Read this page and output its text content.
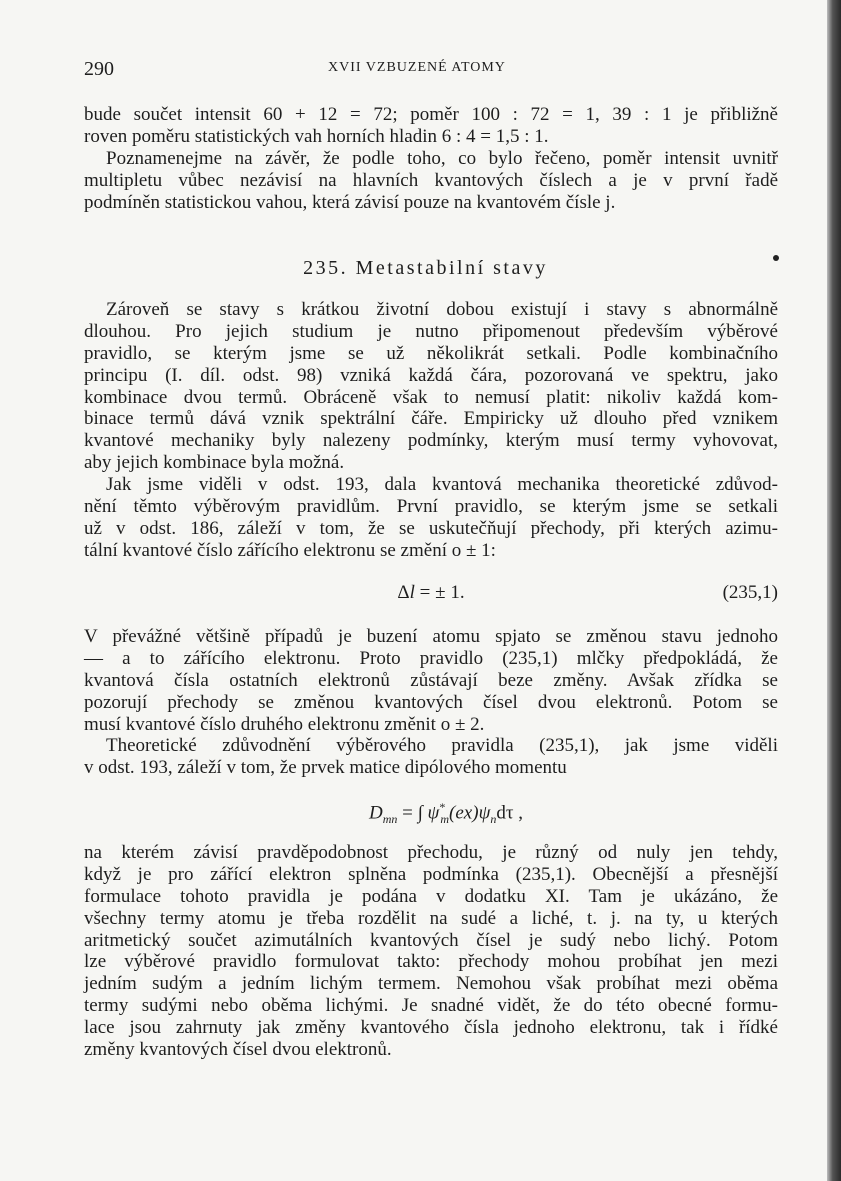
290	XVII VZBUZENÉ ATOMY
bude součet intensit 60 + 12 = 72; poměr 100 : 72 = 1, 39 : 1 je přibližně
roven poměru statistických vah horních hladin 6 : 4 = 1,5 : 1.
Poznamenejme na závěr, že podle toho, co bylo řečeno, poměr intensit uvnitř
multipletu vůbec nezávisí na hlavních kvantových číslech a je v první řadě
podmíněn statistickou vahou, která závisí pouze na kvantovém čísle j.
235. Metastabilní stavy
Zároveň se stavy s krátkou životní dobou existují i stavy s abnormálně
dlouhou. Pro jejich studium je nutno připomenout především výběrové
pravidlo, se kterým jsme se už několikrát setkali. Podle kombinačního
principu (I. díl. odst. 98) vzniká každá čára, pozorovaná ve spektru, jako
kombinace dvou termů. Obráceně však to nemusí platit: nikoliv každá kom-
binace termů dává vznik spektrální čáře. Empiricky už dlouho před vznikem
kvantové mechaniky byly nalezeny podmínky, kterým musí termy vyhovovat,
aby jejich kombinace byla možná.
Jak jsme viděli v odst. 193, dala kvantová mechanika theoretické zdůvod-
nění těmto výběrovým pravidlům. První pravidlo, se kterým jsme se setkali
už v odst. 186, záleží v tom, že se uskutečňují přechody, při kterých azimu-
tální kvantové číslo zářícího elektronu se změní o ± 1:
Δl = ± 1.	(235,1)
V převážné většině případů je buzení atomu spjato se změnou stavu jednoho
— a to zářícího elektronu. Proto pravidlo (235,1) mlčky předpokládá, že
kvantová čísla ostatních elektronů zůstávají beze změny. Avšak zřídka se
pozorují přechody se změnou kvantových čísel dvou elektronů. Potom se
musí kvantové číslo druhého elektronu změnit o ± 2.
Theoretické zdůvodnění výběrového pravidla (235,1), jak jsme viděli
v odst. 193, záleží v tom, že prvek matice dipólového momentu
$D_{mn}$ = ∫ $\psi^*_m(ex)\psi_nd\tau$ ,
na kterém závisí pravděpodobnost přechodu, je různý od nuly jen tehdy,
když je pro zářící elektron splněna podmínka (235,1). Obecnější a přesnější
formulace tohoto pravidla je podána v dodatku XI. Tam je ukázáno, že
všechny termy atomu je třeba rozdělit na sudé a liché, t. j. na ty, u kterých
aritmetický součet azimutálních kvantových čísel je sudý nebo lichý. Potom
lze výběrové pravidlo formulovat takto: přechody mohou probíhat jen mezi
jedním sudým a jedním lichým termem. Nemohou však probíhat mezi oběma
termy sudými nebo oběma lichými. Je snadné vidět, že do této obecné formu-
lace jsou zahrnuty jak změny kvantového čísla jednoho elektronu, tak i řídké
změny kvantových čísel dvou elektronů.
